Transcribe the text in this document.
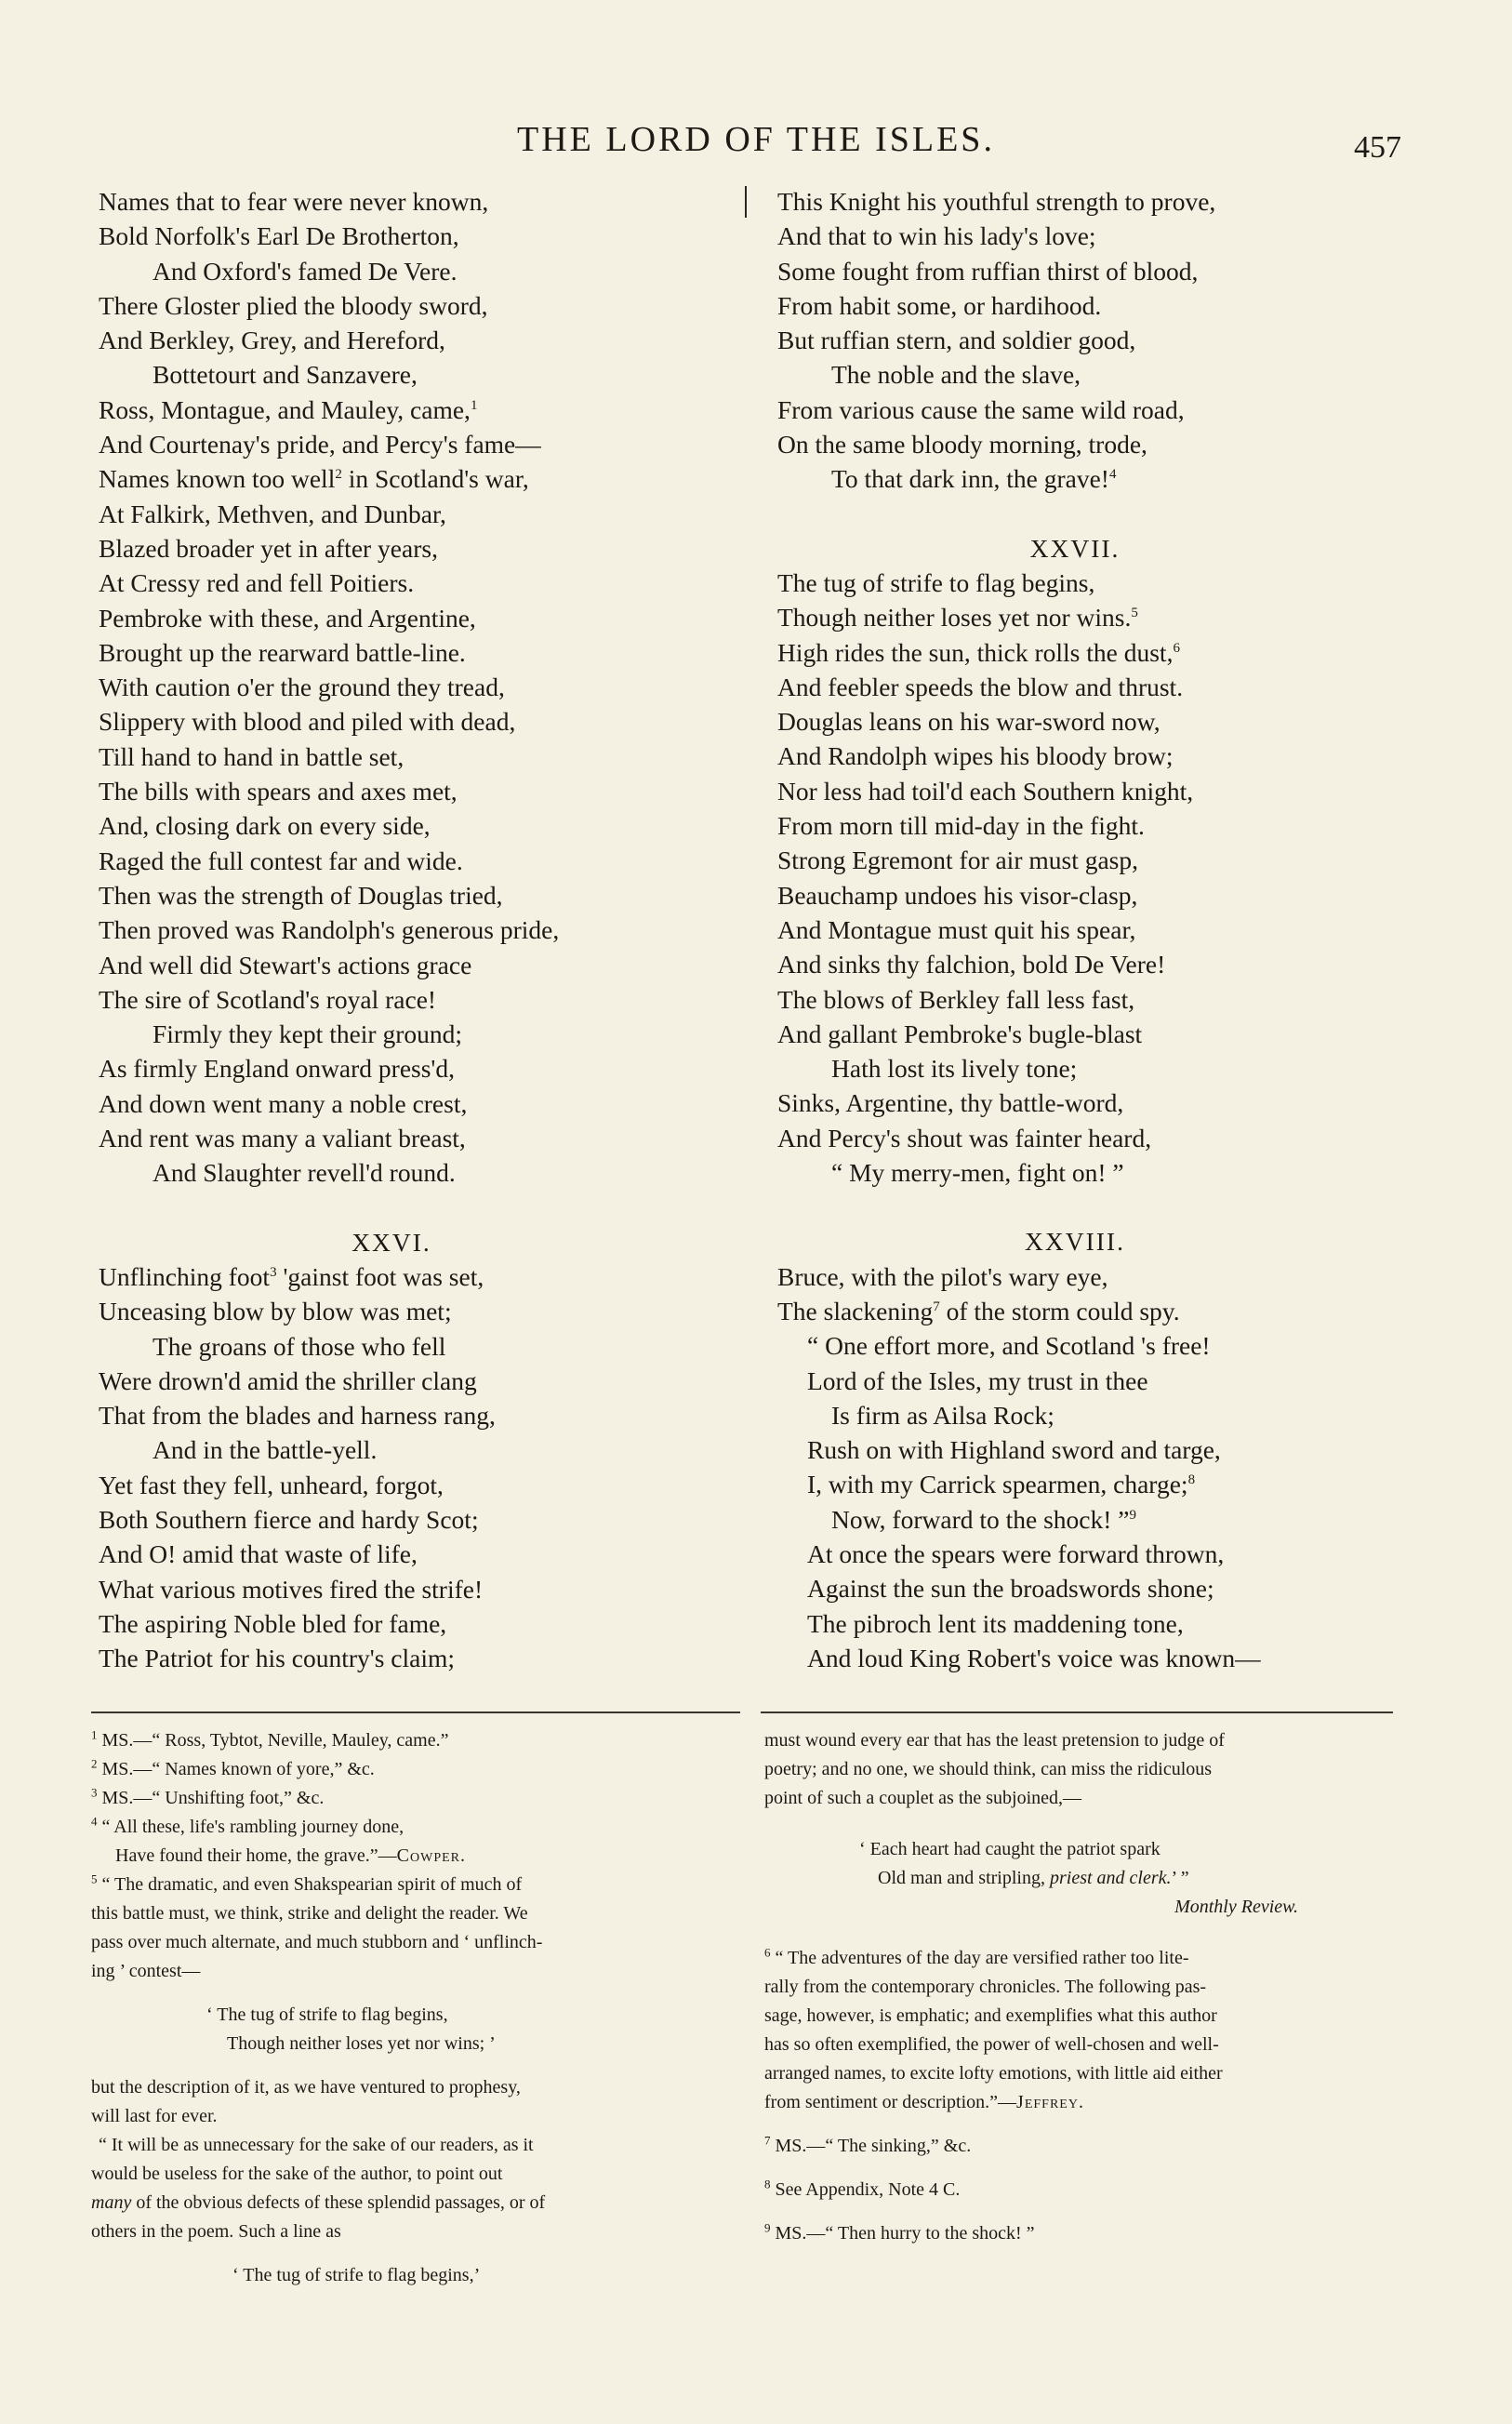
THE LORD OF THE ISLES.	457
Names that to fear were never known,
Bold Norfolk's Earl De Brotherton,
And Oxford's famed De Vere.
There Gloster plied the bloody sword,
And Berkley, Grey, and Hereford,
Bottetourt and Sanzavere,
Ross, Montague, and Mauley, came,$^1$
And Courtenay's pride, and Percy's fame—
Names known too well$^2$ in Scotland's war,
At Falkirk, Methven, and Dunbar,
Blazed broader yet in after years,
At Cressy red and fell Poitiers.
Pembroke with these, and Argentine,
Brought up the rearward battle-line.
With caution o'er the ground they tread,
Slippery with blood and piled with dead,
Till hand to hand in battle set,
The bills with spears and axes met,
And, closing dark on every side,
Raged the full contest far and wide.
Then was the strength of Douglas tried,
Then proved was Randolph's generous pride,
And well did Stewart's actions grace
The sire of Scotland's royal race!
Firmly they kept their ground;
As firmly England onward press'd,
And down went many a noble crest,
And rent was many a valiant breast,
And Slaughter revell'd round.
XXVI.
Unflinching foot$^3$ 'gainst foot was set,
Unceasing blow by blow was met;
The groans of those who fell
Were drown'd amid the shriller clang
That from the blades and harness rang,
And in the battle-yell.
Yet fast they fell, unheard, forgot,
Both Southern fierce and hardy Scot;
And O! amid that waste of life,
What various motives fired the strife!
The aspiring Noble bled for fame,
The Patriot for his country's claim;
This Knight his youthful strength to prove,
And that to win his lady's love;
Some fought from ruffian thirst of blood,
From habit some, or hardihood.
But ruffian stern, and soldier good,
The noble and the slave,
From various cause the same wild road,
On the same bloody morning, trode,
To that dark inn, the grave!$^4$
XXVII.
The tug of strife to flag begins,
Though neither loses yet nor wins.$^5$
High rides the sun, thick rolls the dust,$^6$
And feebler speeds the blow and thrust.
Douglas leans on his war-sword now,
And Randolph wipes his bloody brow;
Nor less had toil'd each Southern knight,
From morn till mid-day in the fight.
Strong Egremont for air must gasp,
Beauchamp undoes his visor-clasp,
And Montague must quit his spear,
And sinks thy falchion, bold De Vere!
The blows of Berkley fall less fast,
And gallant Pembroke's bugle-blast
Hath lost its lively tone;
Sinks, Argentine, thy battle-word,
And Percy's shout was fainter heard,
“ My merry-men, fight on! ”
XXVIII.
Bruce, with the pilot's wary eye,
The slackening$^7$ of the storm could spy.
“ One effort more, and Scotland 's free!
Lord of the Isles, my trust in thee
Is firm as Ailsa Rock;
Rush on with Highland sword and targe,
I, with my Carrick spearmen, charge;$^8$
Now, forward to the shock! ”$^9$
At once the spears were forward thrown,
Against the sun the broadswords shone;
The pibroch lent its maddening tone,
And loud King Robert's voice was known—
$^1$ MS.—“ Ross, Tybtot, Neville, Mauley, came.”
$^2$ MS.—“ Names known of yore,” &c.
$^3$ MS.—“ Unshifting foot,” &c.
$^4$ “ All these, life's rambling journey done,
Have found their home, the grave.”—Cowper.
$^5$ “ The dramatic, and even Shakspearian spirit of much of
this battle must, we think, strike and delight the reader. We
pass over much alternate, and much stubborn and ‘ unflinch-
ing ’ contest—
‘ The tug of strife to flag begins,
Though neither loses yet nor wins; ’
but the description of it, as we have ventured to prophesy,
will last for ever.
“ It will be as unnecessary for the sake of our readers, as it
would be useless for the sake of the author, to point out
many of the obvious defects of these splendid passages, or of
others in the poem. Such a line as
‘ The tug of strife to flag begins,’
must wound every ear that has the least pretension to judge of
poetry; and no one, we should think, can miss the ridiculous
point of such a couplet as the subjoined,—
‘ Each heart had caught the patriot spark
Old man and stripling, priest and clerk.’ ”
Monthly Review.
$^6$ “ The adventures of the day are versified rather too lite-
rally from the contemporary chronicles. The following pas-
sage, however, is emphatic; and exemplifies what this author
has so often exemplified, the power of well-chosen and well-
arranged names, to excite lofty emotions, with little aid either
from sentiment or description.”—Jeffrey.
$^7$ MS.—“ The sinking,” &c.
$^8$ See Appendix, Note 4 C.
$^9$ MS.—“ Then hurry to the shock! ”
